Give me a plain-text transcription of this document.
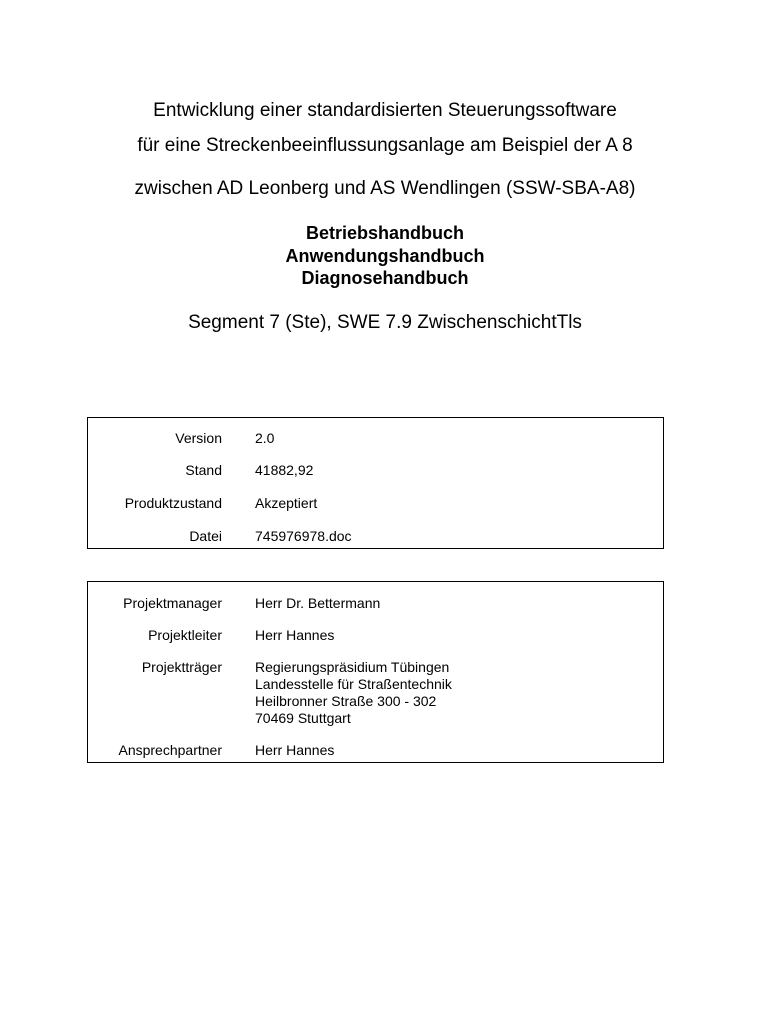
Entwicklung einer standardisierten Steuerungssoftware
für eine Streckenbeeinflussungsanlage am Beispiel der A 8
zwischen AD Leonberg und AS Wendlingen (SSW-SBA-A8)
Betriebshandbuch
Anwendungshandbuch
Diagnosehandbuch
Segment 7 (Ste), SWE 7.9 ZwischenschichtTls
Version 2.0
Stand 41882,92
Produktzustand Akzeptiert
Datei 745976978.doc
Projektmanager Herr Dr. Bettermann
Projektleiter Herr Hannes
Projektträger Regierungspräsidium Tübingen
Landesstelle für Straßentechnik
Heilbronner Straße 300 - 302
70469 Stuttgart
Ansprechpartner Herr Hannes
